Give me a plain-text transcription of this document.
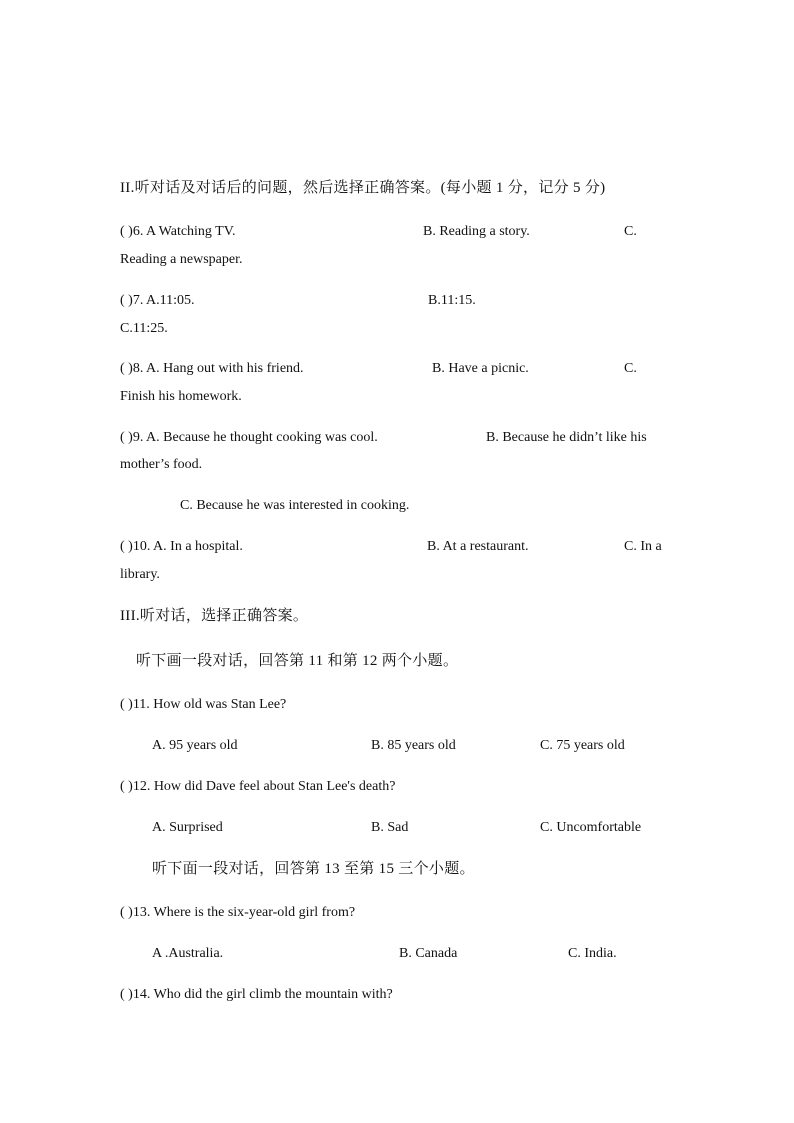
II.听对话及对话后的问题，然后选择正确答案。(每小题 1 分，记分 5 分)
( )6. A Watching TV.	B. Reading a story.	C.
Reading a newspaper.
( )7. A.11:05.	B.11:15.
C.11:25.
( )8. A. Hang out with his friend.	B. Have a picnic.	C.
Finish his homework.
( )9. A. Because he thought cooking was cool.	B. Because he didn’t like his
mother’s food.
C. Because he was interested in cooking.
( )10. A. In a hospital.	B. At a restaurant.	C. In a
library.
III.听对话，选择正确答案。
听下画一段对话，回答第 11 和第 12 两个小题。
( )11. How old was Stan Lee?
A. 95 years old	B. 85 years old	C. 75 years old
( )12. How did Dave feel about Stan Lee's death?
A. Surprised	B. Sad	C. Uncomfortable
听下面一段对话，回答第 13 至第 15 三个小题。
( )13. Where is the six-year-old girl from?
A .Australia.	B. Canada	C. India.
( )14. Who did the girl climb the mountain with?
